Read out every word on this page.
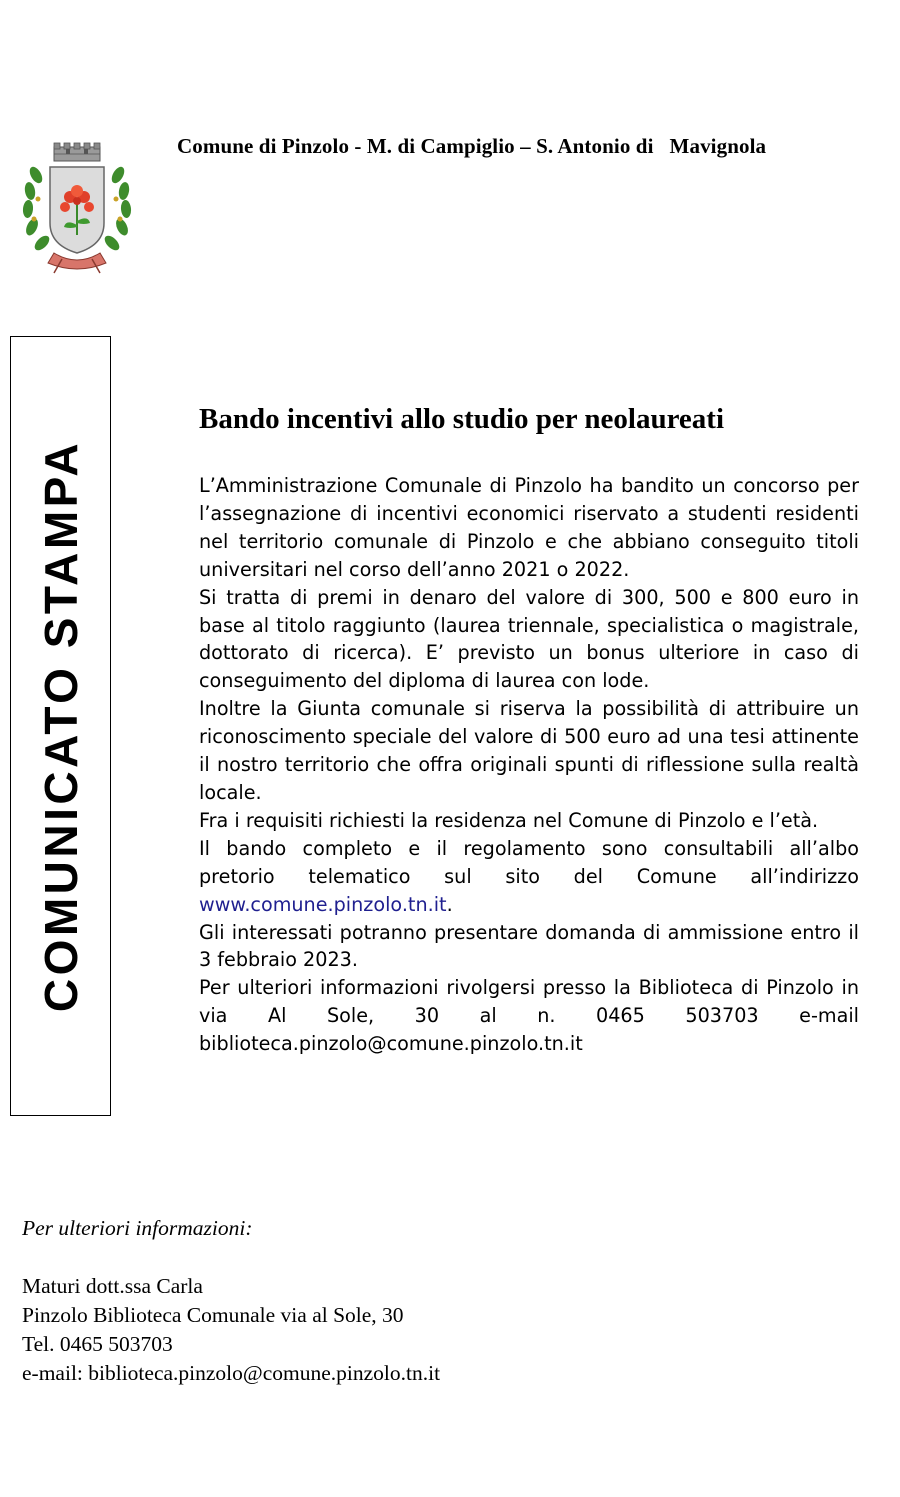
Comune di Pinzolo - M. di Campiglio – S. Antonio di   Mavignola
COMUNICATO STAMPA
Bando incentivi allo studio per neolaureati

L’Amministrazione Comunale di Pinzolo ha bandito un concorso per l’assegnazione di incentivi economici riservato a studenti residenti nel territorio comunale di Pinzolo e che abbiano conseguito titoli universitari nel corso dell’anno 2021 o 2022.

Si tratta di premi in denaro del valore di 300, 500 e 800 euro in base al titolo raggiunto (laurea triennale, specialistica o magistrale, dottorato di ricerca). E’ previsto un bonus ulteriore in caso di conseguimento del diploma di laurea con lode.

Inoltre la Giunta comunale si riserva la possibilità di attribuire un riconoscimento speciale del valore di 500 euro ad una tesi attinente il nostro territorio che offra originali spunti di riflessione sulla realtà locale.

Fra i requisiti richiesti la residenza nel Comune di Pinzolo e l’età.

Il bando completo e il regolamento sono consultabili all’albo pretorio telematico sul sito del Comune all’indirizzo www.comune.pinzolo.tn.it.

Gli interessati potranno presentare domanda di ammissione entro il 3 febbraio 2023.

Per ulteriori informazioni rivolgersi presso la Biblioteca di Pinzolo in via Al Sole, 30 al n. 0465 503703 e-mail biblioteca.pinzolo@comune.pinzolo.tn.it

Per ulteriori informazioni:
Maturi dott.ssa Carla
Pinzolo Biblioteca Comunale via al Sole, 30
Tel. 0465 503703
e-mail: biblioteca.pinzolo@comune.pinzolo.tn.it
